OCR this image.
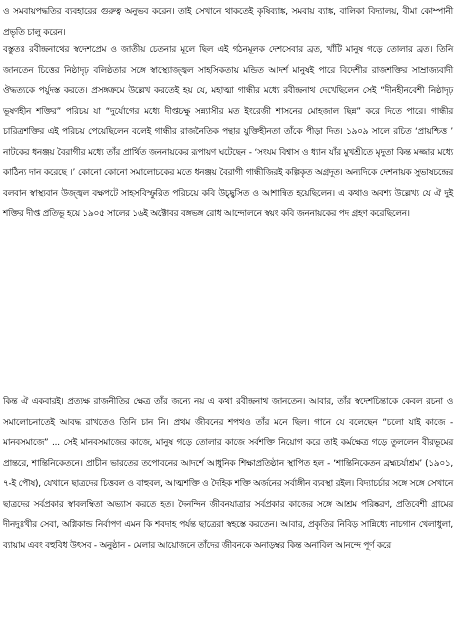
ও সমবায়পদ্ধতির ব্যবহারের গুরুত্ব অনুভব করেন। তাই সেখানে থাকতেই কৃষিব্যাঙ্ক, সমবায় ব্যাঙ্ক, বালিকা বিদ্যালয়, বীমা কোম্পানী প্রভৃতি চালু করেন।

বস্তুতঃ রবীন্দ্রনাথের স্বদেশপ্রেম ও জাতীয় চেতনার মূলে ছিল এই গঠনমূলক দেশসেবার ব্রত, খাঁটি মানুষ গড়ে তোলার ব্রত। তিনি জানতেন চিত্তের নিষ্ঠাদৃঢ় বলিষ্ঠতার সঙ্গে স্বাস্থ্যোজ্জ্বল সাহসিকতায় মন্ডিত আদর্শ মানুষই পারে বিদেশীর রাজশক্তির সাম্রাজ্যবাদী ঔদ্ধত্যকে পর্যুদস্ত করতে। প্রসঙ্গক্রমে উল্লেখ করতেই হয় যে, মহাত্মা গান্ধীর মধ্যে রবীন্দ্রনাথ দেখেছিলেন সেই “দীনহীনবেশী নিষ্ঠাদৃঢ় ভূষণহীন শক্তির” পরিচয় যা “দুর্যোগের মধ্যে দীপ্তচক্ষু সন্ন্যাসীর মত ইংরেজী শাসনের মোহজাল ছিন্ন” করে দিতে পারে। গান্ধীর চারিত্রশক্তির এই পরিচয় পেয়েছিলেন বলেই গান্ধীর রাজনৈতিক পন্থার যুক্তিহীনতা তাঁকে পীড়া দিত। ১৯০৯ সালে রচিত ‘প্রায়শ্চিত্ত ’ নাটকের ধনঞ্জয় বৈরাগীর মধ্যে তাঁর প্রার্থিত জননায়কের রূপায়ণ ঘটেছেন - ‘সংযম বিশ্বাস ও ধ্যান যাঁর মুখশ্রীতে মৃদুতা কিন্ত মজ্জার মধ্যে কাঠিন্য দান করেছে ।’ কোনো কোনো সমালোচকের মতে ধনঞ্জয় বৈরাগী গান্ধীজিরই কল্পিকৃত অগ্রদূত। অন্যদিকে দেশনায়ক সুভাষচন্দ্রের বলবান স্বাস্থ্যবান উজ্জ্বল বক্ষপটে সাহসবিস্ফুরিত পরিচয়ে কবি উচ্ছ্বসিত ও আশান্বিত হয়েছিলেন। এ কথাও অবশ্য উল্লেখ্য যে ঐ দুই শক্তির দীপ্ত প্রতিভূ হয়ে ১৯০৫ সালের ১৬ই অক্টোবর বঙ্গভঙ্গ রোধ আন্দোলনে স্বয়ং কবি জননায়কের পদ গ্রহণ করেছিলেন।

কিন্ত ঐ একবারই। প্রত্যক্ষ রাজনীতির ক্ষেত্র তাঁর জন্যে নয় এ কথা রবীন্দ্রনাথ জানতেন। আবার, তাঁর স্বদেশচিন্তাকে কেবল রচনা ও সমালোচনাতেই আবদ্ধ রাখতেও তিনি চান নি। প্রথম জীবনের শপথও তাঁর মনে ছিল। গানে যে বলেছেন “চলো যাই কাজে - মানবসমাজে” ... সেই মানবসমাজের কাজে, মানুষ গড়ে তোলার কাজে সর্বশক্তি নিয়োগ করে তাই কর্মক্ষেত্র গড়ে তুললেন বীরভূমের প্রান্তরে, শান্তিনিকেতনে। প্রাচীন ভারতের তপোবনের আদর্শে আধুনিক শিক্ষাপ্রতিষ্ঠান স্থাপিত হল - ‘শান্তিনিকেতন ব্রহ্মচর্যাশ্রম’ (১৯০১, ৭-ই পৌষ), যেখানে ছাত্রদের চিত্তবল ও বাহুবল, আত্মশক্তি ও দৈহিক শক্তি অর্জনের সর্বাঙ্গীন ব্যবস্থা রইল। বিদ্যাচর্চার সঙ্গে সঙ্গে সেখানে ছাত্রদের সর্বপ্রকার স্বাবলম্বিতা অভ্যাস করতে হত। দৈনন্দিন জীবনযাত্রার সর্বপ্রকার কাজের সঙ্গে আশ্রম পরিষ্করণ, প্রতিবেশী গ্রামের দীনদুঃখীর সেবা, অগ্নিকান্ড নির্বাপণ এমন কি শবদাহ পর্যন্ত ছাত্রেরা স্বহস্তে করতেন। আবার, প্রকৃতির নিবিড় সান্নিধ্যে নাচগান খেলাধুলা, ব্যায়াম এবং বহুবিধ উৎসব - অনুষ্ঠান - মেলার আয়োজনে তাঁদের জীবনকে অনাড়ম্বর কিন্ত অনাবিল আনন্দে পূর্ণ করে
